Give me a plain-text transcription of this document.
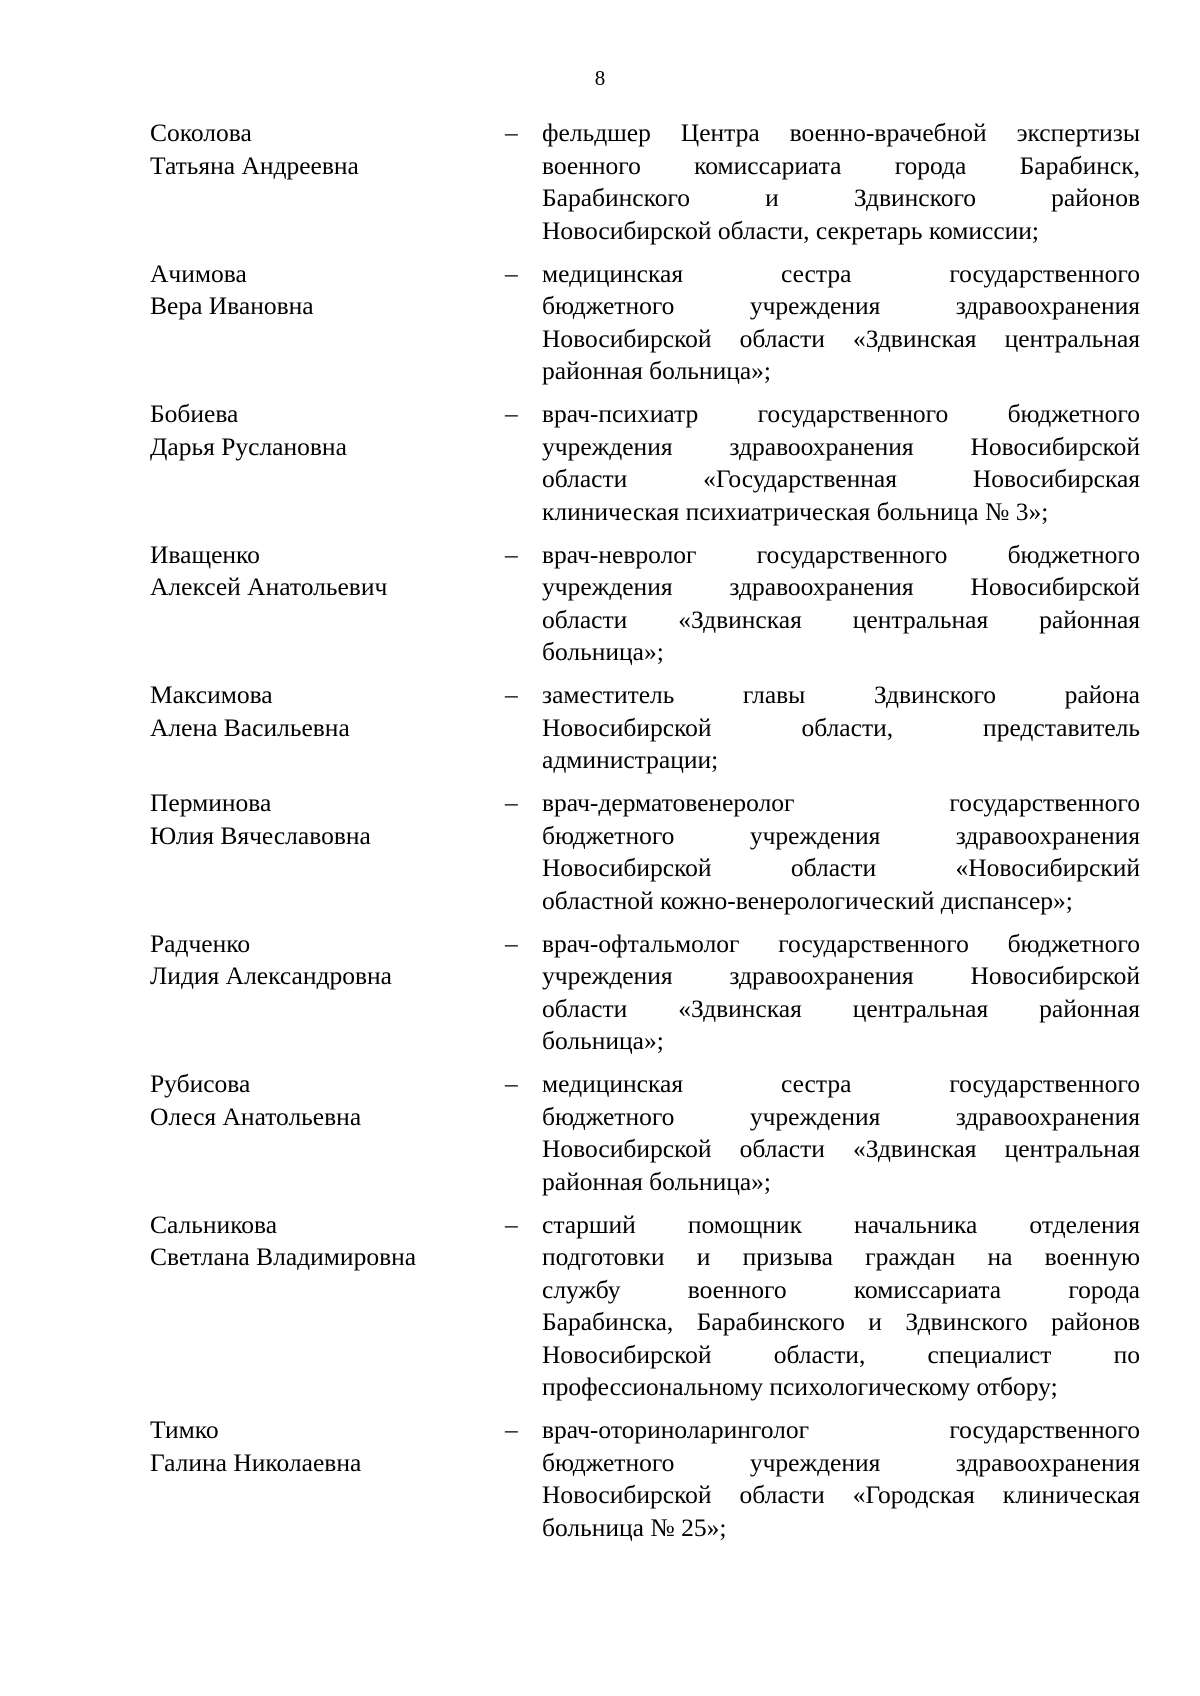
8
Соколова
Татьяна Андреевна
– фельдшер Центра военно-врачебной экспертизы
военного комиссариата города Барабинск,
Барабинского и Здвинского районов
Новосибирской области, секретарь комиссии;
Ачимова
Вера Ивановна
– медицинская сестра государственного
бюджетного учреждения здравоохранения
Новосибирской области «Здвинская центральная
районная больница»;
Бобиева
Дарья Руслановна
– врач-психиатр государственного бюджетного
учреждения здравоохранения Новосибирской
области «Государственная Новосибирская
клиническая психиатрическая больница № 3»;
Иващенко
Алексей Анатольевич
– врач-невролог государственного бюджетного
учреждения здравоохранения Новосибирской
области «Здвинская центральная районная
больница»;
Максимова
Алена Васильевна
– заместитель главы Здвинского района
Новосибирской области, представитель
администрации;
Перминова
Юлия Вячеславовна
– врач-дерматовенеролог государственного
бюджетного учреждения здравоохранения
Новосибирской области «Новосибирский
областной кожно-венерологический диспансер»;
Радченко
Лидия Александровна
– врач-офтальмолог государственного бюджетного
учреждения здравоохранения Новосибирской
области «Здвинская центральная районная
больница»;
Рубисова
Олеся Анатольевна
– медицинская сестра государственного
бюджетного учреждения здравоохранения
Новосибирской области «Здвинская центральная
районная больница»;
Сальникова
Светлана Владимировна
– старший помощник начальника отделения
подготовки и призыва граждан на военную
службу военного комиссариата города
Барабинска, Барабинского и Здвинского районов
Новосибирской области, специалист по
профессиональному психологическому отбору;
Тимко
Галина Николаевна
– врач-оториноларинголог государственного
бюджетного учреждения здравоохранения
Новосибирской области «Городская клиническая
больница № 25»;
